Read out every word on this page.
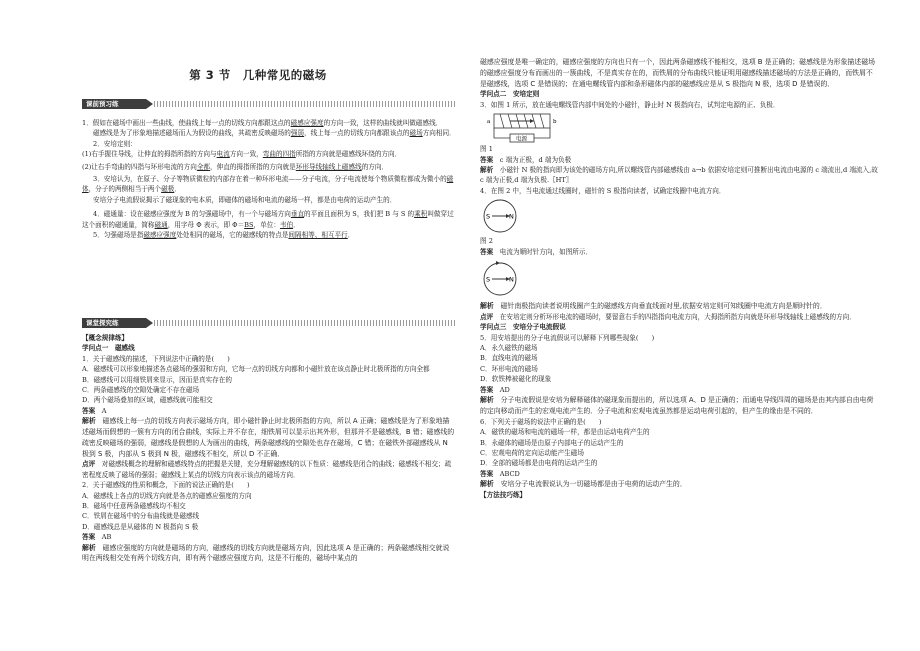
第 3 节　几种常见的磁场
课前预习练

1．假如在磁场中画出一些曲线，使曲线上每一点的切线方向都跟这点的磁感应强度的方向一致，这样的曲线就叫做磁感线．

磁感线是为了形象地描述磁场而人为假设的曲线，其疏密反映磁场的强弱，线上每一点的切线方向都跟该点的磁场方向相同．

2．安培定则：

(1)右手握住导线，让伸直的拇指所指的方向与电流方向一致，弯曲的四指所指的方向就是磁感线环绕的方向．

(2)让右手弯曲的四指与环形电流的方向全都，伸直的拇指所指的方向就是环形导线轴线上磁感线的方向．

3．安培认为，在原子、分子等物质微粒的内部存在着一种环形电流——分子电流，分子电流使每个物质微粒都成为微小的磁体，分子的两侧相当于两个磁极．

安培分子电流假说揭示了磁现象的电本质，即磁体的磁场和电流的磁场一样，都是由电荷的运动产生的．

4．磁通量：设在磁感应强度为 B 的匀强磁场中，有一个与磁场方向垂直的平面且面积为 S，我们把 B 与 S 的乘积叫做穿过这个面积的磁通量，简称磁通，用字母 Φ 表示，即 Φ＝BS，单位：韦伯．

5．匀强磁场是指磁感应强度处处相同的磁场，它的磁感线的特点是间隔相等、相互平行．

课堂探究练

【概念规律练】

学问点一　磁感线

1．关于磁感线的描述，下列说法中正确的是(　　)

A．磁感线可以形象地描述各点磁场的强弱和方向，它每一点的切线方向都和小磁针放在该点静止时北极所指的方向全都

B．磁感线可以用细铁屑来显示，因而是真实存在的

C．两条磁感线的空隙处确定不存在磁场

D．两个磁场叠加的区域，磁感线就可能相交

答案　 A

解析　 磁感线上每一点的切线方向表示磁场方向，即小磁针静止时北极所指的方向，所以 A 正确；磁感线是为了形象地描述磁场而假想的一簇有方向的闭合曲线，实际上并不存在，细铁屑可以显示出其外形，但那并不是磁感线，B 错；磁感线的疏密反映磁场的强弱，磁感线是假想的人为画出的曲线，两条磁感线的空隙处也存在磁场，C 错；在磁铁外部磁感线从 N 极到 S 极，内部从 S 极到 N 极，磁感线不相交，所以 D 不正确．

点评　 对磁感线概念的理解和磁感线特点的把握是关键，充分理解磁感线的以下性质：磁感线是闭合的曲线；磁感线不相交；疏密程度反映了磁场的强弱；磁感线上某点的切线方向表示该点的磁场方向．

2．关于磁感线的性质和概念，下面的说法正确的是(　　)

A．磁感线上各点的切线方向就是各点的磁感应强度的方向

B．磁场中任意两条磁感线均不相交

C．铁屑在磁场中的分布曲线就是磁感线

D．磁感线总是从磁体的 N 极指向 S 极

答案　 AB

解析　 磁感应强度的方向就是磁场的方向，磁感线的切线方向就是磁场方向，因此选项 A 是正确的；两条磁感线相交就说明在两线相交处有两个切线方向，即有两个磁感应强度方向，这是不行能的，磁场中某点的

磁感应强度是唯一确定的，磁感应强度的方向也只有一个，因此两条磁感线不能相交，选项 B 是正确的；磁感线是为形象描述磁场的磁感应强度分布而画出的一簇曲线，不是真实存在的，而铁屑的分布曲线只能证明用磁感线描述磁场的方法是正确的，而铁屑不是磁感线，选项 C 是错误的；在通电螺线管内部和条形磁体内部的磁感线应是从 S 极指向 N 极，选项 D 是错误的．

学问点二　安培定则

3．如图 1 所示，放在通电螺线管内部中间处的小磁针，静止时 N 极指向右，试判定电源的正、负极．

电源
a	b

图 1

答案　 c 端为正极，d 端为负极

解析　 小磁针 N 极的指向即为该处的磁场方向,所以螺线管内部磁感线由 a→b 依据安培定则可推断出电流由电源的 c 端流出,d 端流入,故 c 端为正极,d 端为负极.〖HT〗

4．在图 2 中，当电流通过线圈时，磁针的 S 极指向读者，试确定线圈中电流方向．

S	N

图 2

答案　 电流为顺时针方向，如图所示．

S	N

解析　 磁针南极指向读者说明线圈产生的磁感线方向垂直线面对里,依据安培定则可知线圈中电流方向是顺时针的．

点评　 在安培定则分析环形电流的磁场时，要留意右手的四指指向电流方向，大拇指所指方向就是环形导线轴线上磁感线的方向．

学问点三　安培分子电流假说

5．用安培提出的分子电流假说可以解释下列哪些现象(　　)

A．永久磁铁的磁场

B．直线电流的磁场

C．环形电流的磁场

D．软铁棒被磁化的现象

答案　 AD

解析　 分子电流假说是安培为解释磁体的磁现象而提出的，所以选项 A、D 是正确的；而通电导线四周的磁场是由其内部自由电荷的定向移动而产生的宏观电流产生的．分子电流和宏观电流虽然都是运动电荷引起的，但产生的缘由是不同的．

6．下列关于磁场的说法中正确的是(　　)

A．磁铁的磁场和电流的磁场一样，都是由运动电荷产生的

B．永磁体的磁场是由原子内部电子的运动产生的

C．宏观电荷的定向运动能产生磁场

D．全部的磁场都是由电荷的运动产生的

答案　 ABCD

解析　 安培分子电流假说认为一切磁场都是由于电荷的运动产生的．

【方法技巧练】
